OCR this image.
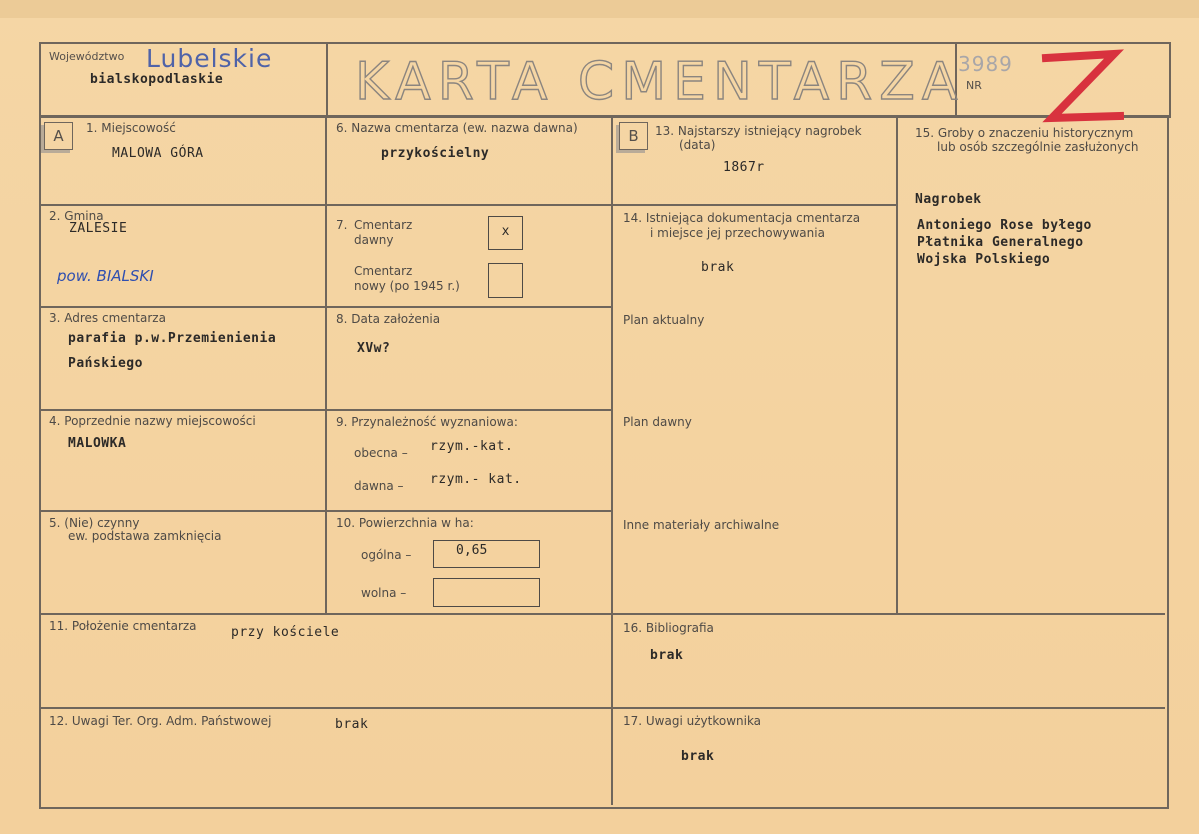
Województwo Lubelskie
bialskopodlaskie	KARTA CMENTARZA
3989
NR
A	B
1. Miejscowość
MALOWA GÓRA
2. Gmina
ZALESIE
pow. BIALSKI
3. Adres cmentarza
parafia p.w.Przemienienia
Pańskiego
4. Poprzednie nazwy miejscowości
MALOWKA
5. (Nie) czynny
ew. podstawa zamknięcia
6. Nazwa cmentarza (ew. nazwa dawna)
przykościelny
7. Cmentarz
dawny
x
Cmentarz
nowy (po 1945 r.)
8. Data założenia
XVw?
9. Przynależność wyznaniowa:
obecna – rzym.-kat.
dawna – rzym.- kat.
10. Powierzchnia w ha:
ogólna –	0,65
wolna –
11. Położenie cmentarza	przy kościele
12. Uwagi Ter. Org. Adm. Państwowej	brak
13. Najstarszy istniejący nagrobek
(data)
1867r
14. Istniejąca dokumentacja cmentarza
i miejsce jej przechowywania
brak
Plan aktualny
Plan dawny
Inne materiały archiwalne
15. Groby o znaczeniu historycznym
lub osób szczególnie zasłużonych
Nagrobek
Antoniego Rose byłego
Płatnika Generalnego
Wojska Polskiego
16. Bibliografia
brak
17. Uwagi użytkownika
brak
